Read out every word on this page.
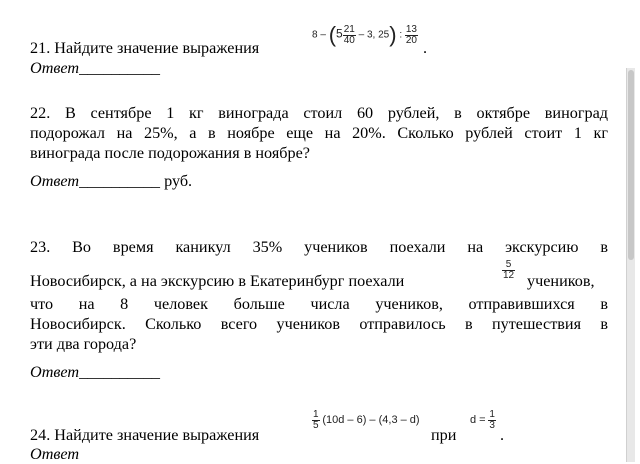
21. Найдите значение выражения
$8 - (5 \frac{21}{40} - 3$, 25) : $\frac{13}{20}$
.
Ответ__________
22. В сентябре 1 кг винограда стоил 60 рублей, в октябре виноград
подорожал на 25%, а в ноябре еще на 20%. Сколько рублей стоит 1 кг
винограда после подорожания в ноябре?
Ответ__________ руб.
23. Во время каникул 35% учеников поехали на экскурсию в
Новосибирск, а на экскурсию в Екатеринбург поехали	$\frac{5}{12}$ учеников,
что на 8 человек больше числа учеников, отправившихся в
Новосибирск. Сколько всего учеников отправилось в путешествия в
эти два города?
Ответ__________
24. Найдите значение выражения
$\frac{1}{5} (10d - 6) - (4,3 - d)$
при
$d = \frac{1}{3}$
.
Ответ
